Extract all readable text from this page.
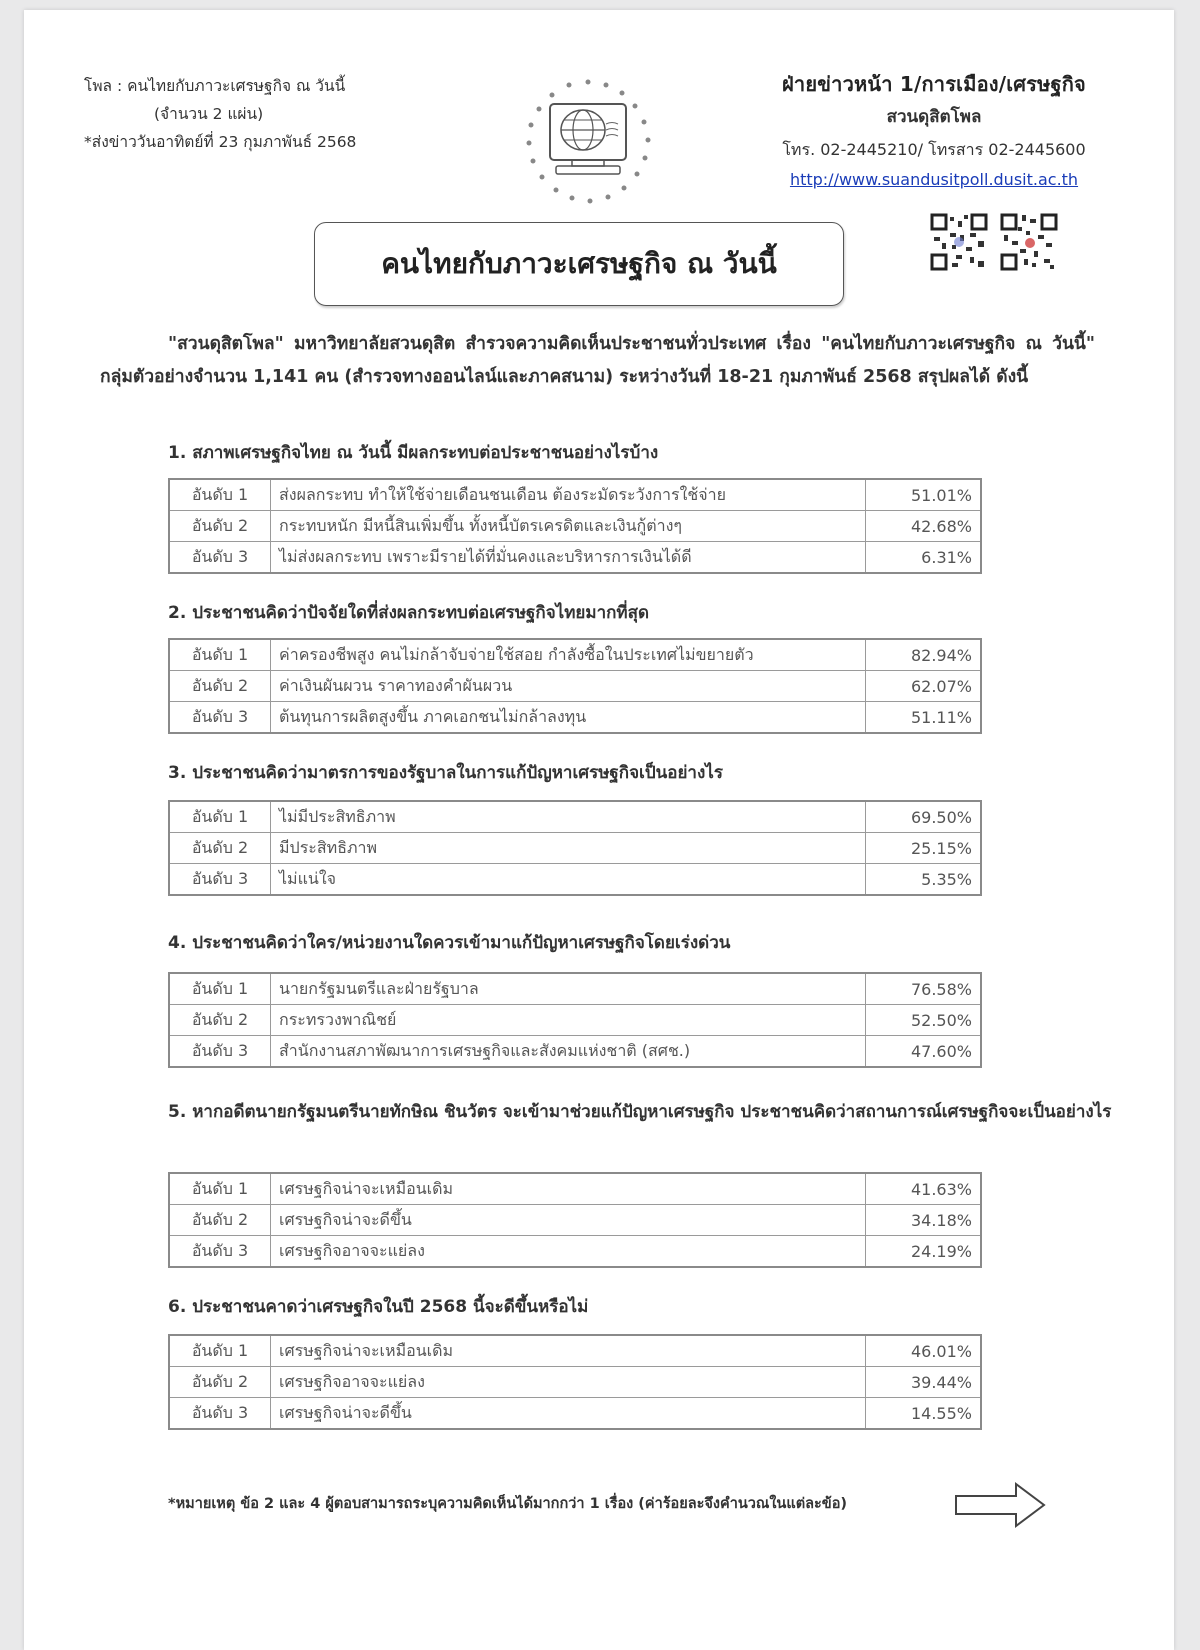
โพล : คนไทยกับภาวะเศรษฐกิจ ณ วันนี้
(จำนวน 2 แผ่น)
*ส่งข่าววันอาทิตย์ที่ 23 กุมภาพันธ์ 2568
ฝ่ายข่าวหน้า 1/การเมือง/เศรษฐกิจ
สวนดุสิตโพล
โทร. 02-2445210/ โทรสาร 02-2445600
http://www.suandusitpoll.dusit.ac.th
คนไทยกับภาวะเศรษฐกิจ ณ วันนี้
"สวนดุสิตโพล" มหาวิทยาลัยสวนดุสิต สำรวจความคิดเห็นประชาชนทั่วประเทศ เรื่อง "คนไทยกับภาวะเศรษฐกิจ ณ วันนี้" กลุ่มตัวอย่างจำนวน 1,141 คน (สำรวจทางออนไลน์และภาคสนาม) ระหว่างวันที่ 18-21 กุมภาพันธ์ 2568 สรุปผลได้ ดังนี้
1. สภาพเศรษฐกิจไทย ณ วันนี้ มีผลกระทบต่อประชาชนอย่างไรบ้าง
อันดับ 1	ส่งผลกระทบ ทำให้ใช้จ่ายเดือนชนเดือน ต้องระมัดระวังการใช้จ่าย	51.01%
อันดับ 2	กระทบหนัก มีหนี้สินเพิ่มขึ้น ทั้งหนี้บัตรเครดิตและเงินกู้ต่างๆ	42.68%
อันดับ 3	ไม่ส่งผลกระทบ เพราะมีรายได้ที่มั่นคงและบริหารการเงินได้ดี	6.31%
2. ประชาชนคิดว่าปัจจัยใดที่ส่งผลกระทบต่อเศรษฐกิจไทยมากที่สุด
อันดับ 1	ค่าครองชีพสูง คนไม่กล้าจับจ่ายใช้สอย กำลังซื้อในประเทศไม่ขยายตัว	82.94%
อันดับ 2	ค่าเงินผันผวน ราคาทองคำผันผวน	62.07%
อันดับ 3	ต้นทุนการผลิตสูงขึ้น ภาคเอกชนไม่กล้าลงทุน	51.11%
3. ประชาชนคิดว่ามาตรการของรัฐบาลในการแก้ปัญหาเศรษฐกิจเป็นอย่างไร
อันดับ 1	ไม่มีประสิทธิภาพ	69.50%
อันดับ 2	มีประสิทธิภาพ	25.15%
อันดับ 3	ไม่แน่ใจ	5.35%
4. ประชาชนคิดว่าใคร/หน่วยงานใดควรเข้ามาแก้ปัญหาเศรษฐกิจโดยเร่งด่วน
อันดับ 1	นายกรัฐมนตรีและฝ่ายรัฐบาล	76.58%
อันดับ 2	กระทรวงพาณิชย์	52.50%
อันดับ 3	สำนักงานสภาพัฒนาการเศรษฐกิจและสังคมแห่งชาติ (สศช.)	47.60%
5. หากอดีตนายกรัฐมนตรีนายทักษิณ ชินวัตร จะเข้ามาช่วยแก้ปัญหาเศรษฐกิจ ประชาชนคิดว่าสถานการณ์เศรษฐกิจจะเป็นอย่างไร
อันดับ 1	เศรษฐกิจน่าจะเหมือนเดิม	41.63%
อันดับ 2	เศรษฐกิจน่าจะดีขึ้น	34.18%
อันดับ 3	เศรษฐกิจอาจจะแย่ลง	24.19%
6. ประชาชนคาดว่าเศรษฐกิจในปี 2568 นี้จะดีขึ้นหรือไม่
อันดับ 1	เศรษฐกิจน่าจะเหมือนเดิม	46.01%
อันดับ 2	เศรษฐกิจอาจจะแย่ลง	39.44%
อันดับ 3	เศรษฐกิจน่าจะดีขึ้น	14.55%
*หมายเหตุ ข้อ 2 และ 4 ผู้ตอบสามารถระบุความคิดเห็นได้มากกว่า 1 เรื่อง (ค่าร้อยละจึงคำนวณในแต่ละข้อ)
